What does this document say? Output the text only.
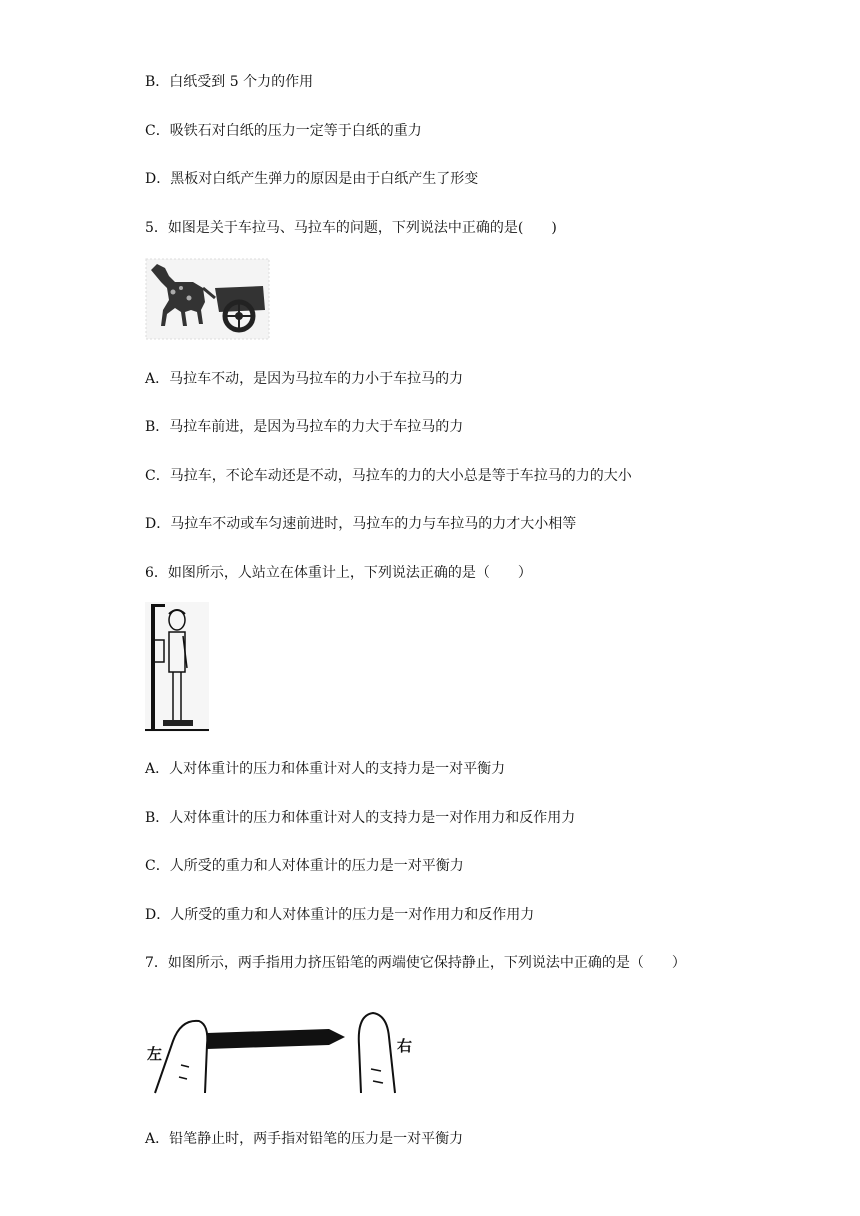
B．白纸受到 5 个力的作用
C．吸铁石对白纸的压力一定等于白纸的重力
D．黑板对白纸产生弹力的原因是由于白纸产生了形变
5．如图是关于车拉马、马拉车的问题，下列说法中正确的是(　　)
A．马拉车不动，是因为马拉车的力小于车拉马的力
B．马拉车前进，是因为马拉车的力大于车拉马的力
C．马拉车，不论车动还是不动，马拉车的力的大小总是等于车拉马的力的大小
D．马拉车不动或车匀速前进时，马拉车的力与车拉马的力才大小相等
6．如图所示，人站立在体重计上，下列说法正确的是（　　）
A．人对体重计的压力和体重计对人的支持力是一对平衡力
B．人对体重计的压力和体重计对人的支持力是一对作用力和反作用力
C．人所受的重力和人对体重计的压力是一对平衡力
D．人所受的重力和人对体重计的压力是一对作用力和反作用力
7．如图所示，两手指用力挤压铅笔的两端使它保持静止，下列说法中正确的是（　　）
左	右
A．铅笔静止时，两手指对铅笔的压力是一对平衡力
